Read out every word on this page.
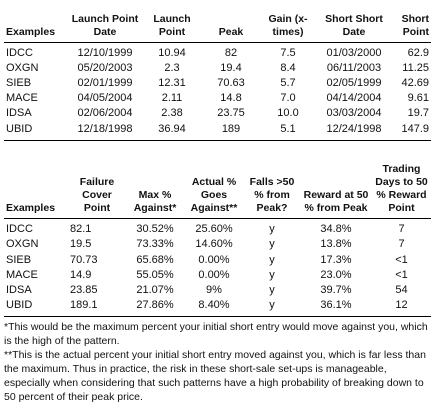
Examples	Launch Point Date	Launch Point	Peak	Gain (x-times)	Short Short Date	Short Point
IDCC	12/10/1999	10.94	82	7.5	01/03/2000	62.9
OXGN	05/20/2003	2.3	19.4	8.4	06/11/2003	11.25
SIEB	02/01/1999	12.31	70.63	5.7	02/05/1999	42.69
MACE	04/05/2004	2.11	14.8	7.0	04/14/2004	9.61
IDSA	02/06/2004	2.38	23.75	10.0	03/03/2004	19.7
UBID	12/18/1998	36.94	189	5.1	12/24/1998	147.9
Examples	Failure Cover Point	Max % Against*	Actual % Goes Against**	Falls >50 % from Peak?	Reward at 50 % from Peak	Trading Days to 50 % Reward Point
IDCC	82.1	30.52%	25.60%	y	34.8%	7
OXGN	19.5	73.33%	14.60%	y	13.8%	7
SIEB	70.73	65.68%	0.00%	y	17.3%	<1
MACE	14.9	55.05%	0.00%	y	23.0%	<1
IDSA	23.85	21.07%	9%	y	39.7%	54
UBID	189.1	27.86%	8.40%	y	36.1%	12

*This would be the maximum percent your initial short entry would move against you, which is the high of the pattern.

**This is the actual percent your initial short entry moved against you, which is far less than the maximum. Thus in practice, the risk in these short-sale set-ups is manageable, especially when considering that such patterns have a high probability of breaking down to 50 percent of their peak price.
